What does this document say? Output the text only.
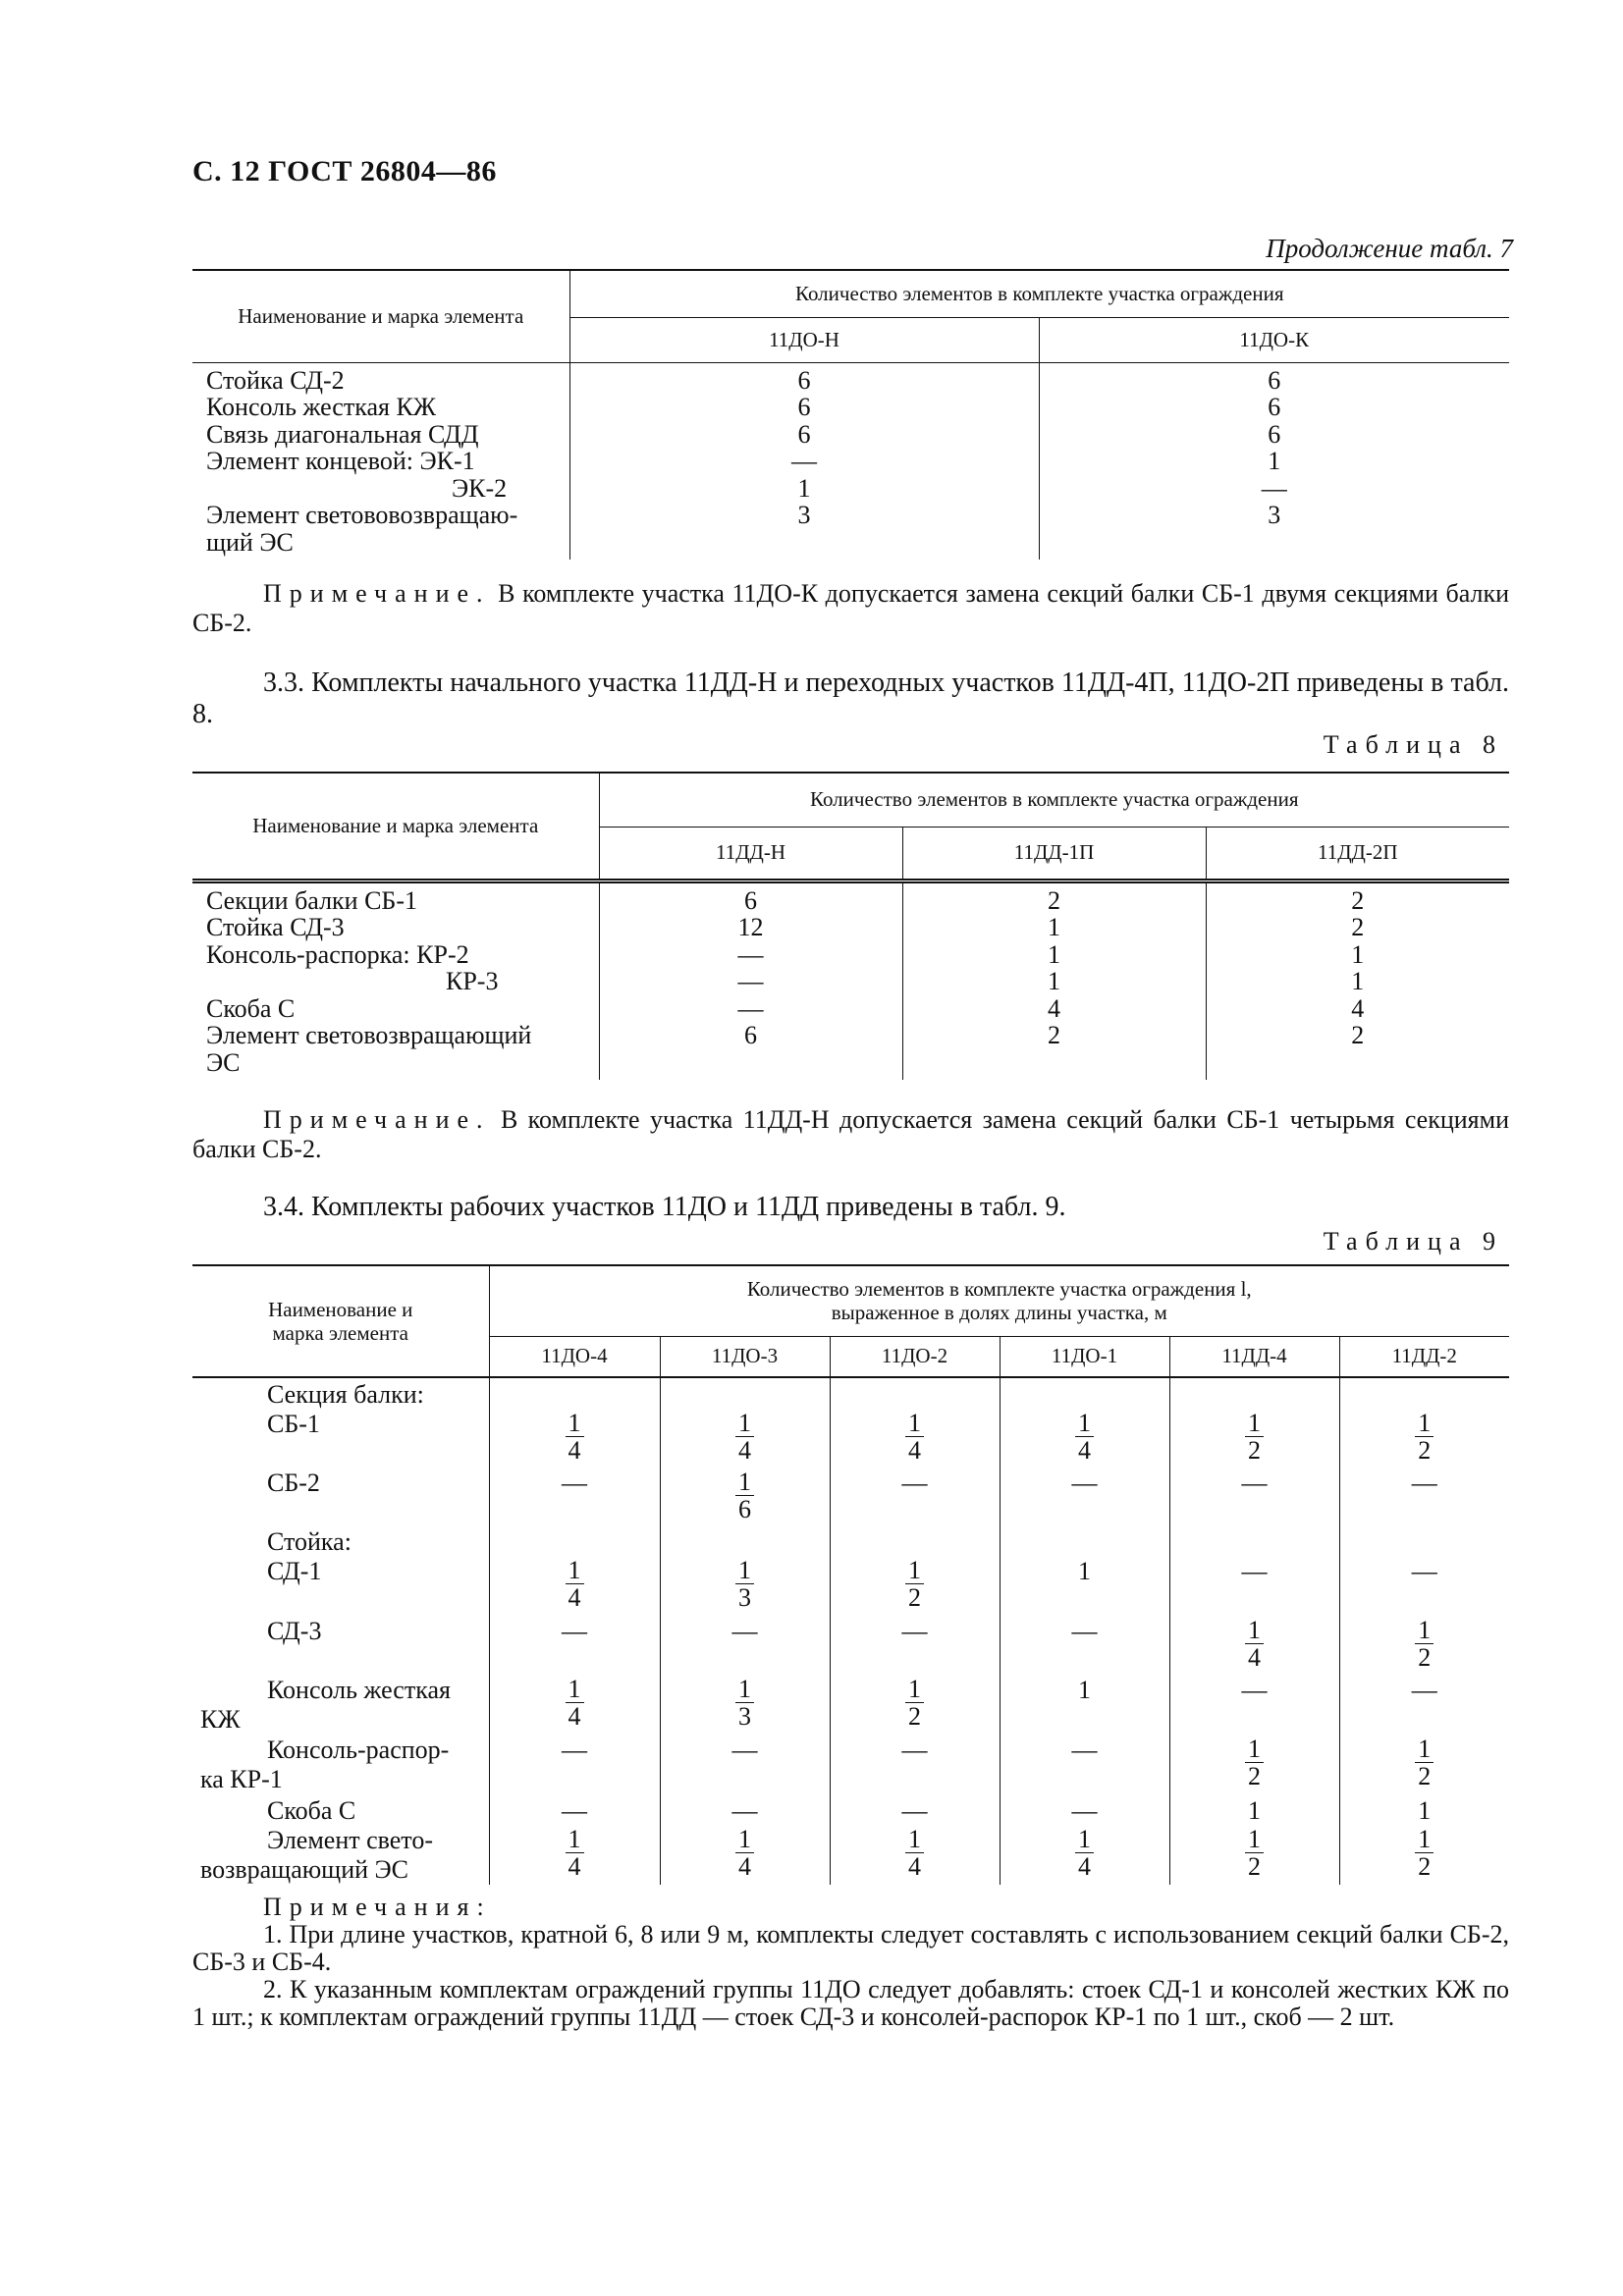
С. 12 ГОСТ 26804—86
Продолжение табл. 7
Наименование и марка элемента	Количество элементов в комплекте участка ограждения	
	11ДО-Н	11ДО-К
Стойка СД-2	6	6
Консоль жесткая КЖ	6	6
Связь диагональная СДД	6	6
Элемент концевой: ЭК-1	—	1

ЭК-2	1	—
Элемент светововозвращаю-	3	3
щий ЭС		

Примечание. В комплекте участка 11ДО-К допускается замена секций балки СБ-1 двумя секциями балки СБ-2.

3.3. Комплекты начального участка 11ДД-Н и переходных участков 11ДД-4П, 11ДО-2П приведены в табл. 8.

Таблица 8
Наименование и марка элемента	Количество элементов в комплекте участка ограждения		
	11ДД-Н	11ДД-1П	11ДД-2П
Секции балки СБ-1	6	2	2
Стойка СД-3	12	1	2
Консоль-распорка: КР-2	—	1	1

КР-3	—	1	1
Скоба С	—	4	4
Элемент световозвращающий	6	2	2
ЭС			

Примечание. В комплекте участка 11ДД-Н допускается замена секций балки СБ-1 четырьмя секциями балки СБ-2.

3.4. Комплекты рабочих участков 11ДО и 11ДД приведены в табл. 9.

Таблица 9
Наименование и
марка элемента	Количество элементов в комплекте участка ограждения l,
выраженное в долях длины участка, м					
	11ДО-4	11ДО-3	11ДО-2	11ДО-1	11ДД-4	11ДД-2
Секция балки:						
СБ-1	$\frac{1}{4}$	$\frac{1}{4}$	$\frac{1}{4}$	$\frac{1}{4}$	$\frac{1}{2}$	$\frac{1}{2}$

СБ-2	—	$\frac{1}{6}$	—	—	—	—
Стойка:						
СД-1	$\frac{1}{4}$	$\frac{1}{3}$	$\frac{1}{2}$	1	—	—
СД-3	—	—	—	—	$\frac{1}{4}$	$\frac{1}{2}$

Консоль жесткая
КЖ	$\frac{1}{4}$	$\frac{1}{3}$	$\frac{1}{2}$	1	—	—

Консоль-распор-
ка КР-1	—	—	—	—	$\frac{1}{2}$	$\frac{1}{2}$

Скоба С	—	—	—	—	1	1

Элемент свето-
возвращающий ЭС	$\frac{1}{4}$	$\frac{1}{4}$	$\frac{1}{4}$	$\frac{1}{4}$	$\frac{1}{2}$	$\frac{1}{2}$
Примечания:
1. При длине участков, кратной 6, 8 или 9 м, комплекты следует составлять с использованием секций балки СБ-2, СБ-3 и СБ-4.
2. К указанным комплектам ограждений группы 11ДО следует добавлять: стоек СД-1 и консолей жестких КЖ по 1 шт.; к комплектам ограждений группы 11ДД — стоек СД-3 и консолей-распорок КР-1 по 1 шт., скоб — 2 шт.
